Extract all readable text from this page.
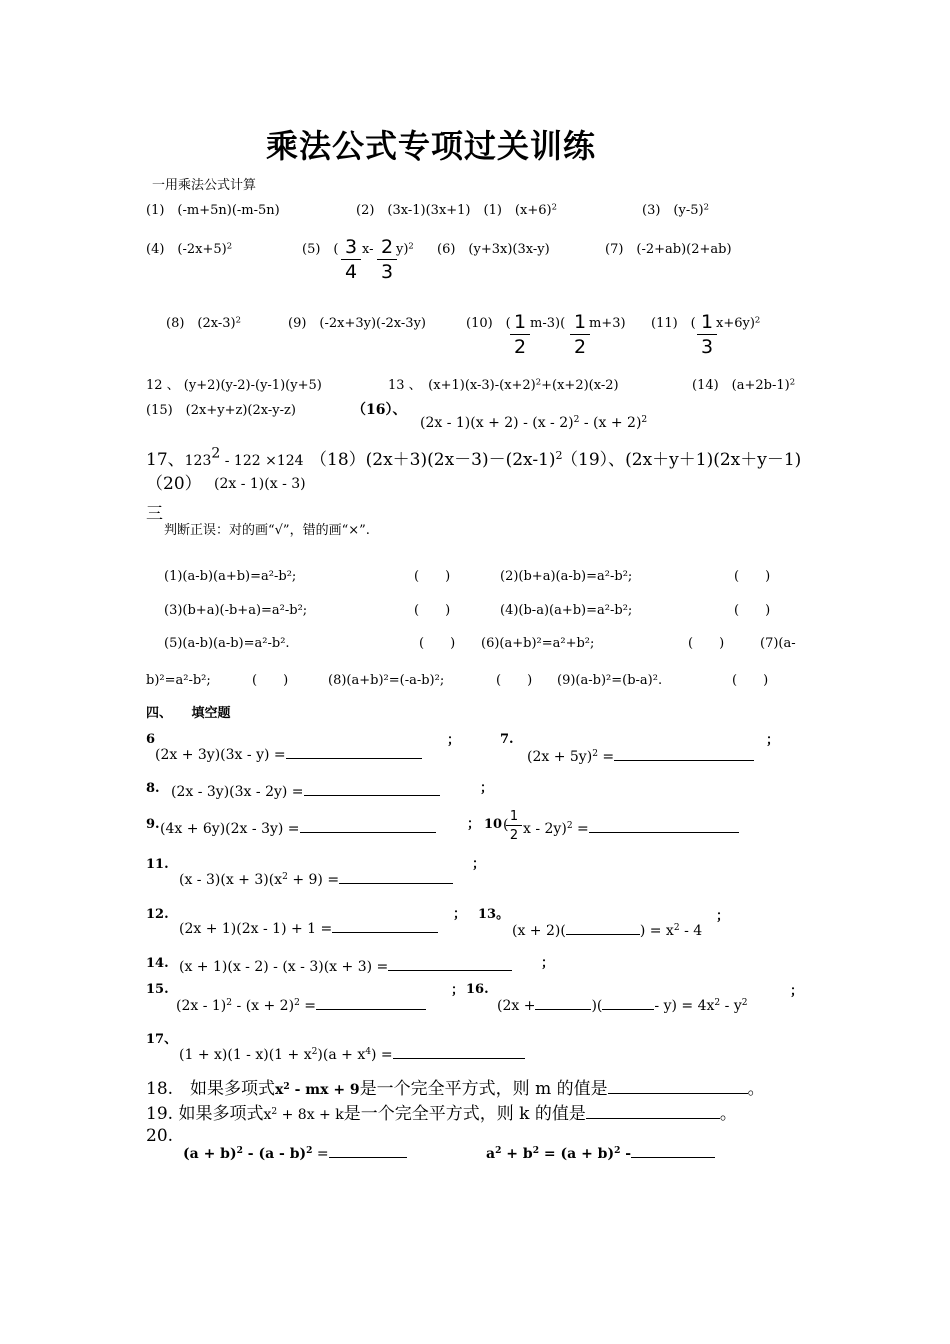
乘法公式专项过关训练
一用乘法公式计算
(1)　(-m+5n)(-m-5n)	(2)　(3x-1)(3x+1)　(1)　$(x+6)^2$	(3)　$(y-5)^2$
(4)　$(-2x+5)^2$	(5)　( $\frac{3}{4} x- \frac{2}{3} y)^2$ (6)　(y+3x)(3x-y)	(7)　(-2+ab)(2+ab)
(8)　$(2x-3)^2$	(9)　(-2x+3y)(-2x-3y)	(10)　( $\frac{1}{2} m-3)( \frac{1}{2} m+3)$ (11)　( $\frac{1}{3} x+6y)^2$
12 、 (y+2)(y-2)-(y-1)(y+5)	13 、　$(x+1)(x-3)-(x+2)^2+(x+2)(x-2)$	(14)　$(a+2b-1)^2$
(15)　(2x+y+z)(2x-y-z)	（16）、
$(2x - 1)(x + 2) - (x - 2)^2 - (x + 2)^2$
17、$123^2 - 122 \times 124$ $(18)(2x+3)(2x-3)-(2x-1)^2$
（19）、(2x＋y＋1)(2x＋y－1)
（20） (2x - 1)(x - 3)
三
判断正误：对的画“√”，错的画“×”.
(1)(a-b)(a+b)=a²-b²;	(　　)	(2)(b+a)(a-b)=a²-b²;	(　　)
(3)(b+a)(-b+a)=a²-b²;	(　　)	(4)(b-a)(a+b)=a²-b²;	(　　)
(5)(a-b)(a-b)=a²-b².	(　　) (6)(a+b)²=a²+b²;	(　　)	(7)(a-
b)²=a²-b²;	(　　)	(8)(a+b)²=(-a-b)²;	(　　) (9)(a-b)²=(b-a)².	(　　)
四、　　填空题
6
(2x + 3y)(3x - y) =
；	7.
$(2x + 5y)^2$ =
；
8. (2x - 3y)(3x - 2y) =	；
9. (4x + 6y)(2x - 3y) =	； 10 (
$\frac{1}{2}$ x - 2y)$^2$ =
11.
$(x - 3)(x + 3)(x^2 + 9)$ =
；
12.
(2x + 1)(2x - 1) + 1 =
； 13。
(x + 2)(	) = $x^2 - 4$
；
14. (x + 1)(x - 2) - (x - 3)(x + 3) =	；
15.
$(2x - 1)^2 - (x + 2)^2$ =
； 16.
(2x +	)(	- $y) = 4x^2 - y^2$
；
17、
$(1 + x)(1 - x)(1 + x^2)(a + x^4)$ =
18.　如果多项式$x^2$ - mx + 9是一个完全平方式，则 m 的值是	。
19. 如果多项式$x^2 + 8x + k$是一个完全平方式，则 k 的值是	。
20.
$(a + b)^2 - (a - b)^2$ =	$a^2 + b^2 = (a + b)^2$ -
